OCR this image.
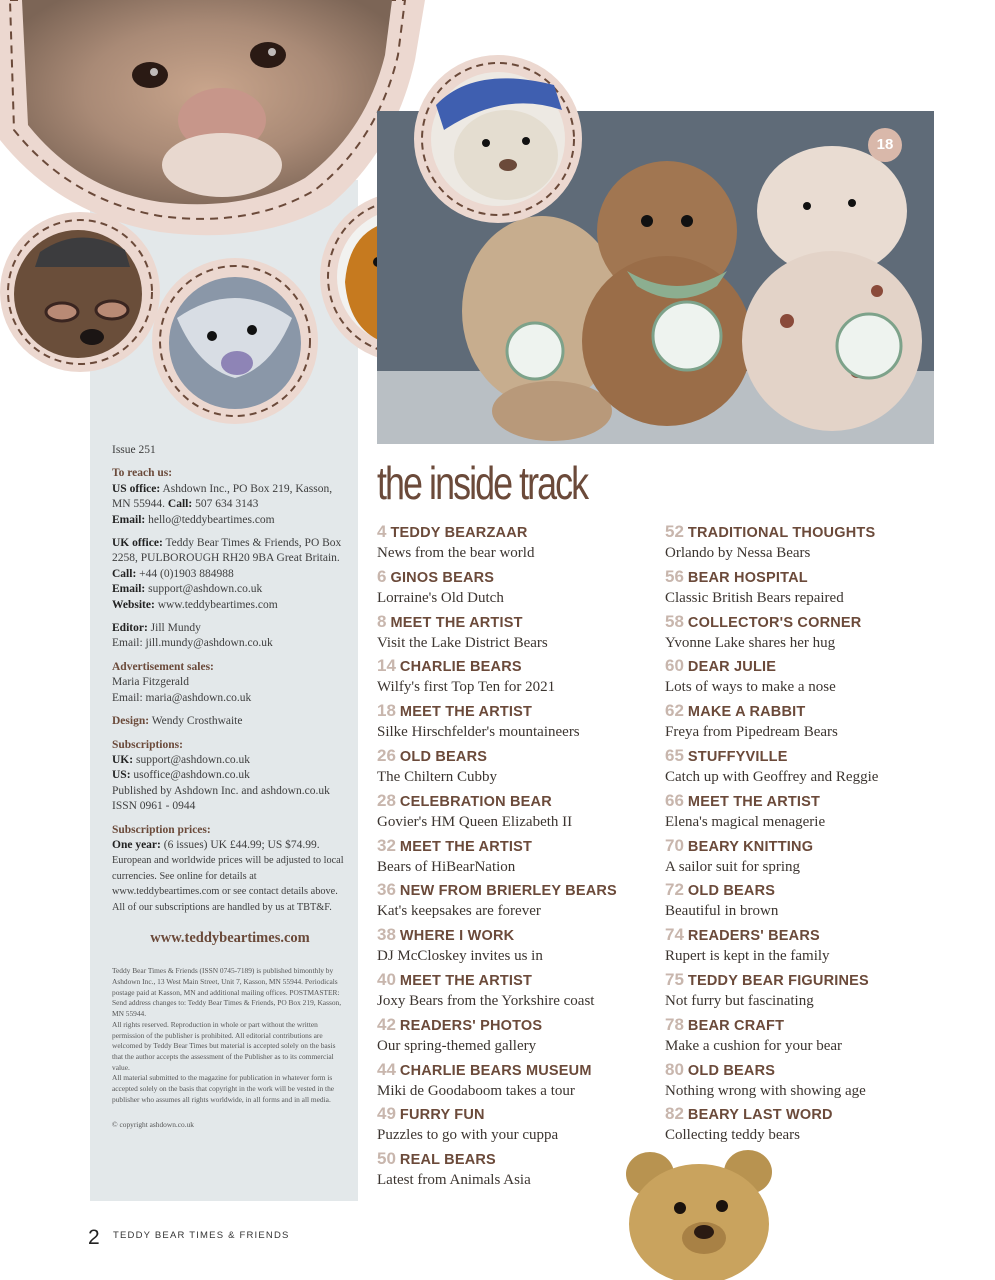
18

Issue 251

To reach us:
US office: Ashdown Inc., PO Box 219, Kasson, MN 55944. Call: 507 634 3143
Email: hello@teddybeartimes.com

UK office: Teddy Bear Times & Friends, PO Box 2258, PULBOROUGH RH20 9BA Great Britain. Call: +44 (0)1903 884988
Email: support@ashdown.co.uk
Website: www.teddybeartimes.com

Editor: Jill Mundy
Email: jill.mundy@ashdown.co.uk

Advertisement sales:
Maria Fitzgerald
Email: maria@ashdown.co.uk

Design: Wendy Crosthwaite

Subscriptions:
UK: support@ashdown.co.uk
US: usoffice@ashdown.co.uk
Published by Ashdown Inc. and ashdown.co.uk ISSN 0961 - 0944

Subscription prices:
One year: (6 issues) UK £44.99; US $74.99.
European and worldwide prices will be adjusted to local currencies. See online for details at www.teddybeartimes.com or see contact details above. All of our subscriptions are handled by us at TBT&F.

www.teddybeartimes.com
Teddy Bear Times & Friends (ISSN 0745-7189) is published bimonthly by Ashdown Inc., 13 West Main Street, Unit 7, Kasson, MN 55944. Periodicals postage paid at Kasson, MN and additional mailing offices. POSTMASTER: Send address changes to: Teddy Bear Times & Friends, PO Box 219, Kasson, MN 55944.
All rights reserved. Reproduction in whole or part without the written permission of the publisher is prohibited. All editorial contributions are welcomed by Teddy Bear Times but material is accepted solely on the basis that the author accepts the assessment of the Publisher as to its commercial value.
All material submitted to the magazine for publication in whatever form is accepted solely on the basis that copyright in the work will be vested in the publisher who assumes all rights worldwide, in all forms and in all media.
© copyright ashdown.co.uk
the inside track
4 TEDDY BEARZAAR
News from the bear world
6 GINOS BEARS
Lorraine's Old Dutch
8 MEET THE ARTIST
Visit the Lake District Bears
14 CHARLIE BEARS
Wilfy's first Top Ten for 2021
18 MEET THE ARTIST
Silke Hirschfelder's mountaineers
26 OLD BEARS
The Chiltern Cubby
28 CELEBRATION BEAR
Govier's HM Queen Elizabeth II
32 MEET THE ARTIST
Bears of HiBearNation
36 NEW FROM BRIERLEY BEARS
Kat's keepsakes are forever
38 WHERE I WORK
DJ McCloskey invites us in
40 MEET THE ARTIST
Joxy Bears from the Yorkshire coast
42 READERS' PHOTOS
Our spring-themed gallery
44 CHARLIE BEARS MUSEUM
Miki de Goodaboom takes a tour
49 FURRY FUN
Puzzles to go with your cuppa
50 REAL BEARS
Latest from Animals Asia
52 TRADITIONAL THOUGHTS
Orlando by Nessa Bears
56 BEAR HOSPITAL
Classic British Bears repaired
58 COLLECTOR'S CORNER
Yvonne Lake shares her hug
60 DEAR JULIE
Lots of ways to make a nose
62 MAKE A RABBIT
Freya from Pipedream Bears
65 STUFFYVILLE
Catch up with Geoffrey and Reggie
66 MEET THE ARTIST
Elena's magical menagerie
70 BEARY KNITTING
A sailor suit for spring
72 OLD BEARS
Beautiful in brown
74 READERS' BEARS
Rupert is kept in the family
75 TEDDY BEAR FIGURINES
Not furry but fascinating
78 BEAR CRAFT
Make a cushion for your bear
80 OLD BEARS
Nothing wrong with showing age
82 BEARY LAST WORD
Collecting teddy bears
2 TEDDY BEAR TIMES & FRIENDS
